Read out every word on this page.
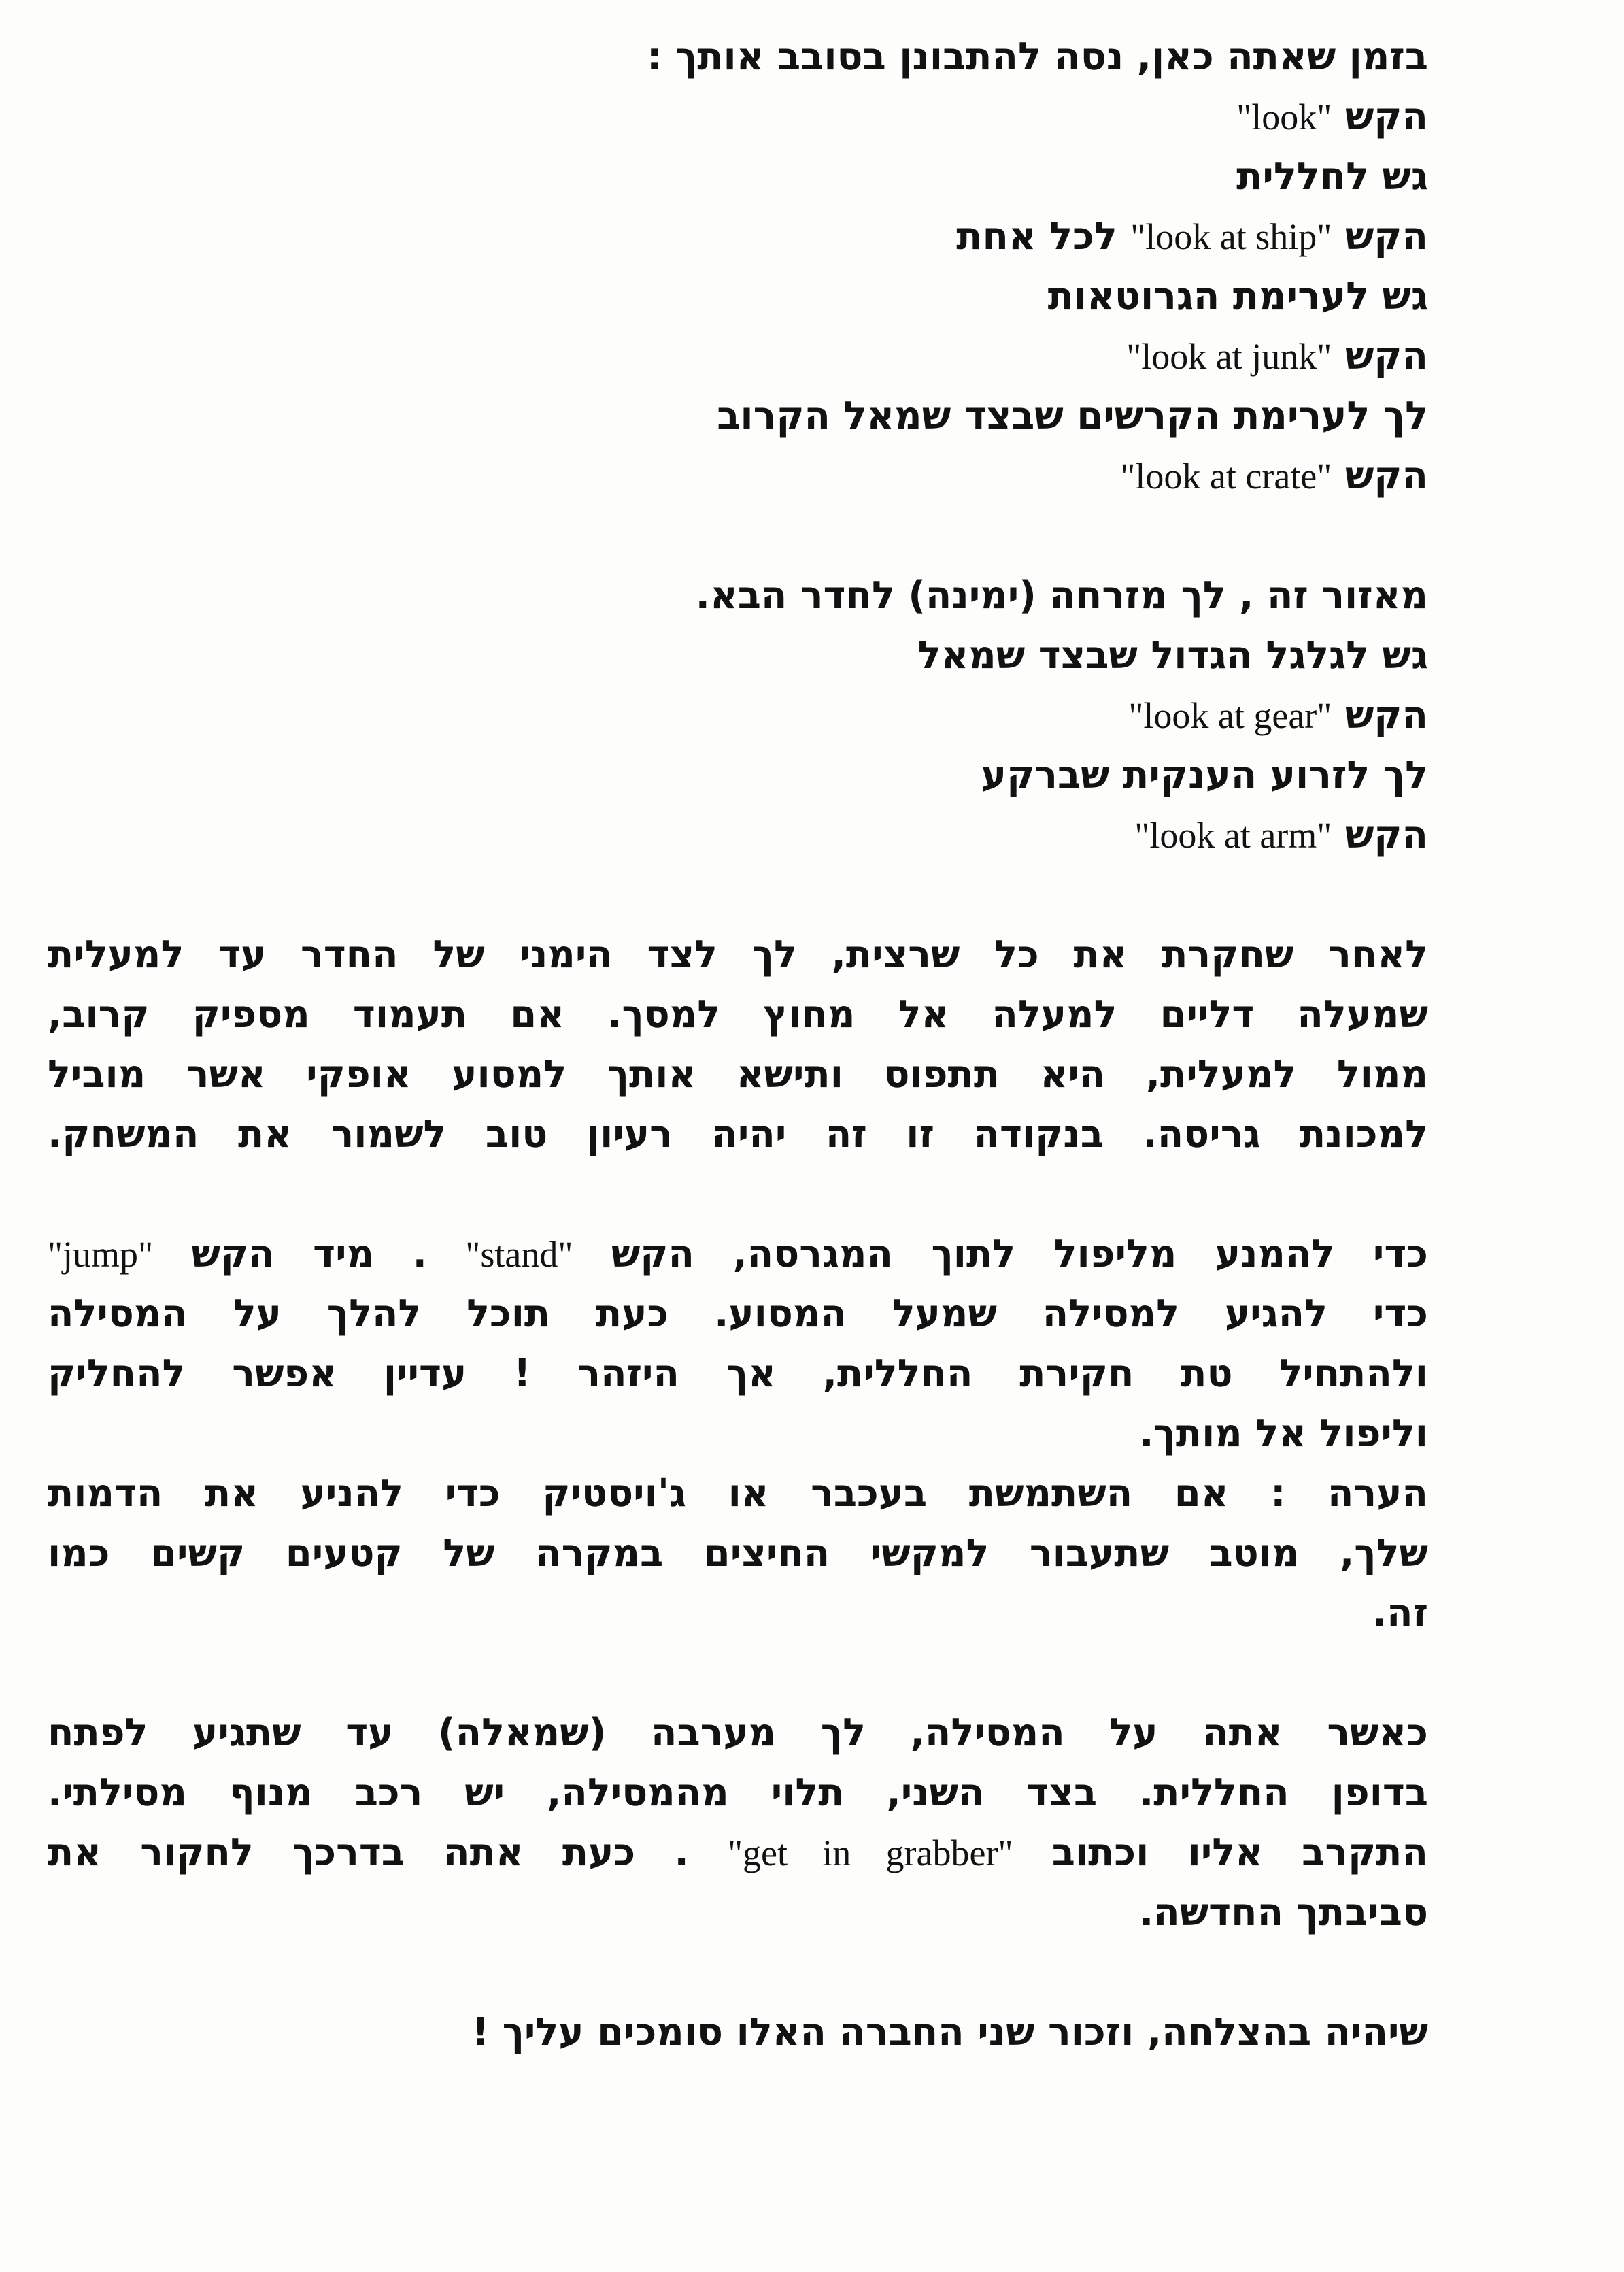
בזמן שאתה כאן, נסה להתבונן בסובב אותך :
הקש "look"
גש לחללית
הקש "look at ship" לכל אחת
גש לערימת הגרוטאות
הקש "look at junk"
לך לערימת הקרשים שבצד שמאל הקרוב
הקש "look at crate"
מאזור זה , לך מזרחה (ימינה) לחדר הבא.
גש לגלגל הגדול שבצד שמאל
הקש "look at gear"
לך לזרוע הענקית שברקע
הקש "look at arm"
לאחר שחקרת את כל שרצית, לך לצד הימני של החדר עד למעלית
שמעלה דליים למעלה אל מחוץ למסך. אם תעמוד מספיק קרוב,
ממול למעלית, היא תתפוס ותישא אותך למסוע אופקי אשר מוביל
למכונת גריסה. בנקודה זו זה יהיה רעיון טוב לשמור את המשחק.
כדי להמנע מליפול לתוך המגרסה, הקש "stand" . מיד הקש "jump"
כדי להגיע למסילה שמעל המסוע. כעת תוכל להלך על המסילה
ולהתחיל טת חקירת החללית, אך היזהר ! עדיין אפשר להחליק
וליפול אל מותך.
הערה : אם השתמשת בעכבר או ג'ויסטיק כדי להניע את הדמות
שלך, מוטב שתעבור למקשי החיצים במקרה של קטעים קשים כמו
זה.
כאשר אתה על המסילה, לך מערבה (שמאלה) עד שתגיע לפתח
בדופן החללית. בצד השני, תלוי מהמסילה, יש רכב מנוף מסילתי.
התקרב אליו וכתוב "get in grabber" . כעת אתה בדרכך לחקור את
סביבתך החדשה.
שיהיה בהצלחה, וזכור שני החברה האלו סומכים עליך !
